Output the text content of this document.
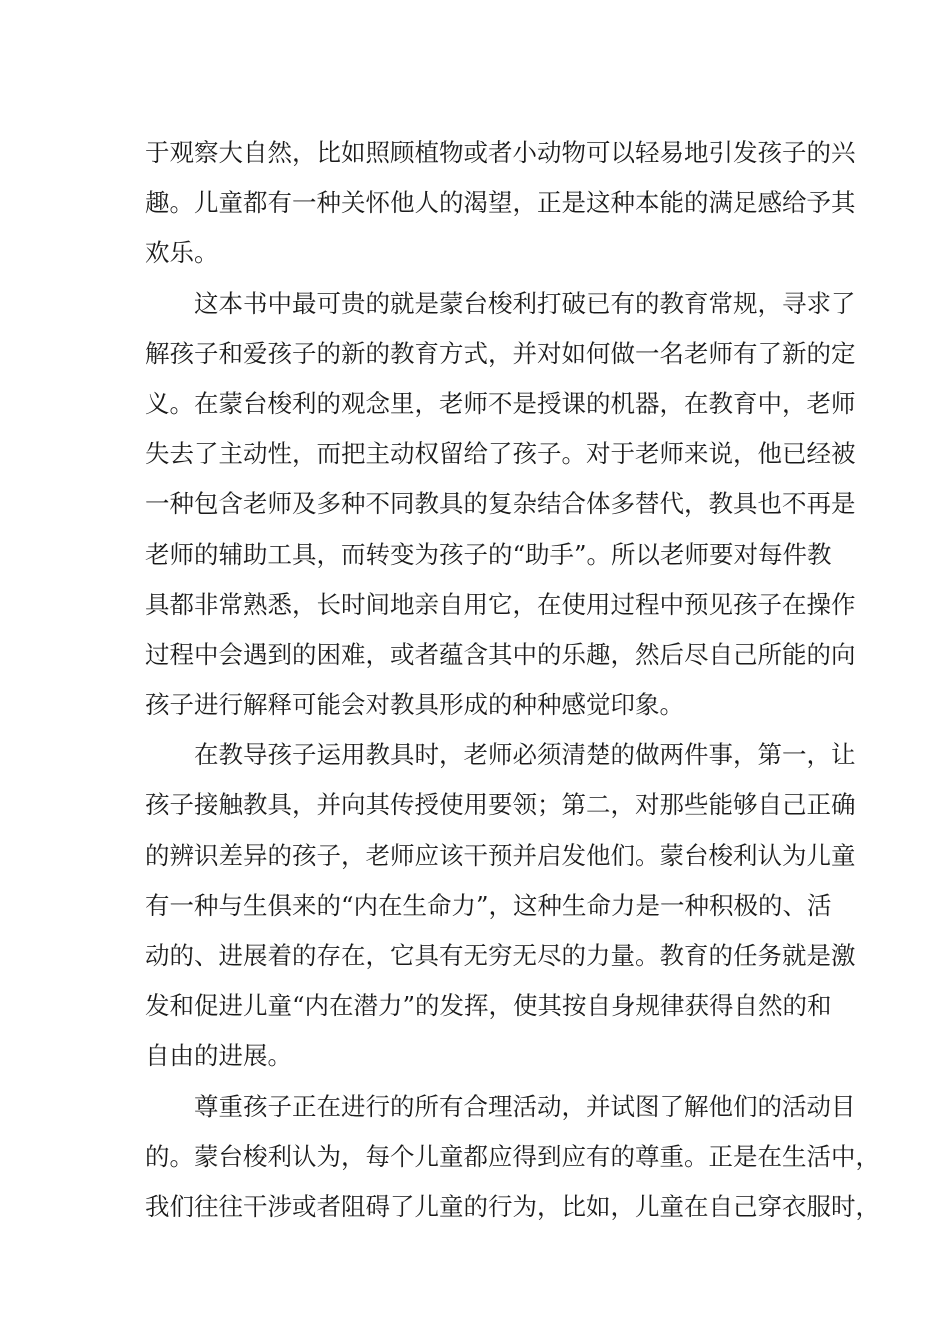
于观察大自然，比如照顾植物或者小动物可以轻易地引发孩子的兴
趣。儿童都有一种关怀他人的渴望，正是这种本能的满足感给予其
欢乐。
这本书中最可贵的就是蒙台梭利打破已有的教育常规，寻求了
解孩子和爱孩子的新的教育方式，并对如何做一名老师有了新的定
义。在蒙台梭利的观念里，老师不是授课的机器，在教育中，老师
失去了主动性，而把主动权留给了孩子。对于老师来说，他已经被
一种包含老师及多种不同教具的复杂结合体多替代，教具也不再是
老师的辅助工具，而转变为孩子的“助手”。所以老师要对每件教
具都非常熟悉，长时间地亲自用它，在使用过程中预见孩子在操作
过程中会遇到的困难，或者蕴含其中的乐趣，然后尽自己所能的向
孩子进行解释可能会对教具形成的种种感觉印象。
在教导孩子运用教具时，老师必须清楚的做两件事，第一，让
孩子接触教具，并向其传授使用要领；第二，对那些能够自己正确
的辨识差异的孩子，老师应该干预并启发他们。蒙台梭利认为儿童
有一种与生俱来的“内在生命力”，这种生命力是一种积极的、活
动的、进展着的存在，它具有无穷无尽的力量。教育的任务就是激
发和促进儿童“内在潜力”的发挥，使其按自身规律获得自然的和
自由的进展。
尊重孩子正在进行的所有合理活动，并试图了解他们的活动目
的。蒙台梭利认为，每个儿童都应得到应有的尊重。正是在生活中，
我们往往干涉或者阻碍了儿童的行为，比如，儿童在自己穿衣服时，
